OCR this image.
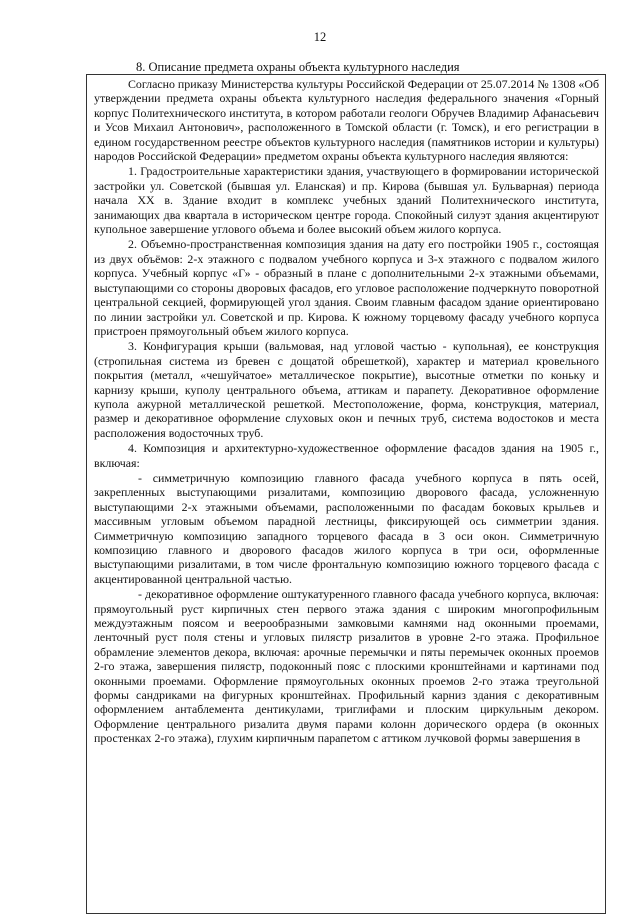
12
8. Описание предмета охраны объекта культурного наследия

Согласно приказу Министерства культуры Российской Федерации от 25.07.2014 № 1308 «Об утверждении предмета охраны объекта культурного наследия федерального значения «Горный корпус Политехнического института, в котором работали геологи Обручев Владимир Афанасьевич и Усов Михаил Антонович», расположенного в Томской области (г. Томск), и его регистрации в едином государственном реестре объектов культурного наследия (памятников истории и культуры) народов Российской Федерации» предметом охраны объекта культурного наследия являются:

1. Градостроительные характеристики здания, участвующего в формировании исторической застройки ул. Советской (бывшая ул. Еланская) и пр. Кирова (бывшая ул. Бульварная) периода начала XX в. Здание входит в комплекс учебных зданий Политехнического института, занимающих два квартала в историческом центре города. Спокойный силуэт здания акцентируют купольное завершение углового объема и более высокий объем жилого корпуса.

2. Объемно-пространственная композиция здания на дату его постройки 1905 г., состоящая из двух объёмов: 2-х этажного с подвалом учебного корпуса и 3-х этажного с подвалом жилого корпуса. Учебный корпус «Г» - образный в плане с дополнительными 2-х этажными объемами, выступающими со стороны дворовых фасадов, его угловое расположение подчеркнуто поворотной центральной секцией, формирующей угол здания. Своим главным фасадом здание ориентировано по линии застройки ул. Советской и пр. Кирова. К южному торцевому фасаду учебного корпуса пристроен прямоугольный объем жилого корпуса.

3. Конфигурация крыши (вальмовая, над угловой частью - купольная), ее конструкция (стропильная система из бревен с дощатой обрешеткой), характер и материал кровельного покрытия (металл, «чешуйчатое» металлическое покрытие), высотные отметки по коньку и карнизу крыши, куполу центрального объема, аттикам и парапету. Декоративное оформление купола ажурной металлической решеткой. Местоположение, форма, конструкция, материал, размер и декоративное оформление слуховых окон и печных труб, система водостоков и места расположения водосточных труб.

4. Композиция и архитектурно-художественное оформление фасадов здания на 1905 г., включая:

- симметричную композицию главного фасада учебного корпуса в пять осей, закрепленных выступающими ризалитами, композицию дворового фасада, усложненную выступающими 2-х этажными объемами, расположенными по фасадам боковых крыльев и массивным угловым объемом парадной лестницы, фиксирующей ось симметрии здания. Симметричную композицию западного торцевого фасада в 3 оси окон. Симметричную композицию главного и дворового фасадов жилого корпуса в три оси, оформленные выступающими ризалитами, в том числе фронтальную композицию южного торцевого фасада с акцентированной центральной частью.

- декоративное оформление оштукатуренного главного фасада учебного корпуса, включая: прямоугольный руст кирпичных стен первого этажа здания с широким многопрофильным междуэтажным поясом и веерообразными замковыми камнями над оконными проемами, ленточный руст поля стены и угловых пилястр ризалитов в уровне 2-го этажа. Профильное обрамление элементов декора, включая: арочные перемычки и пяты перемычек оконных проемов 2-го этажа, завершения пилястр, подоконный пояс с плоскими кронштейнами и картинами под оконными проемами. Оформление прямоугольных оконных проемов 2-го этажа треугольной формы сандриками на фигурных кронштейнах. Профильный карниз здания с декоративным оформлением антаблемента дентикулами, триглифами и плоским циркульным декором. Оформление центрального ризалита двумя парами колонн дорического ордера (в оконных простенках 2-го этажа), глухим кирпичным парапетом с аттиком лучковой формы завершения в
